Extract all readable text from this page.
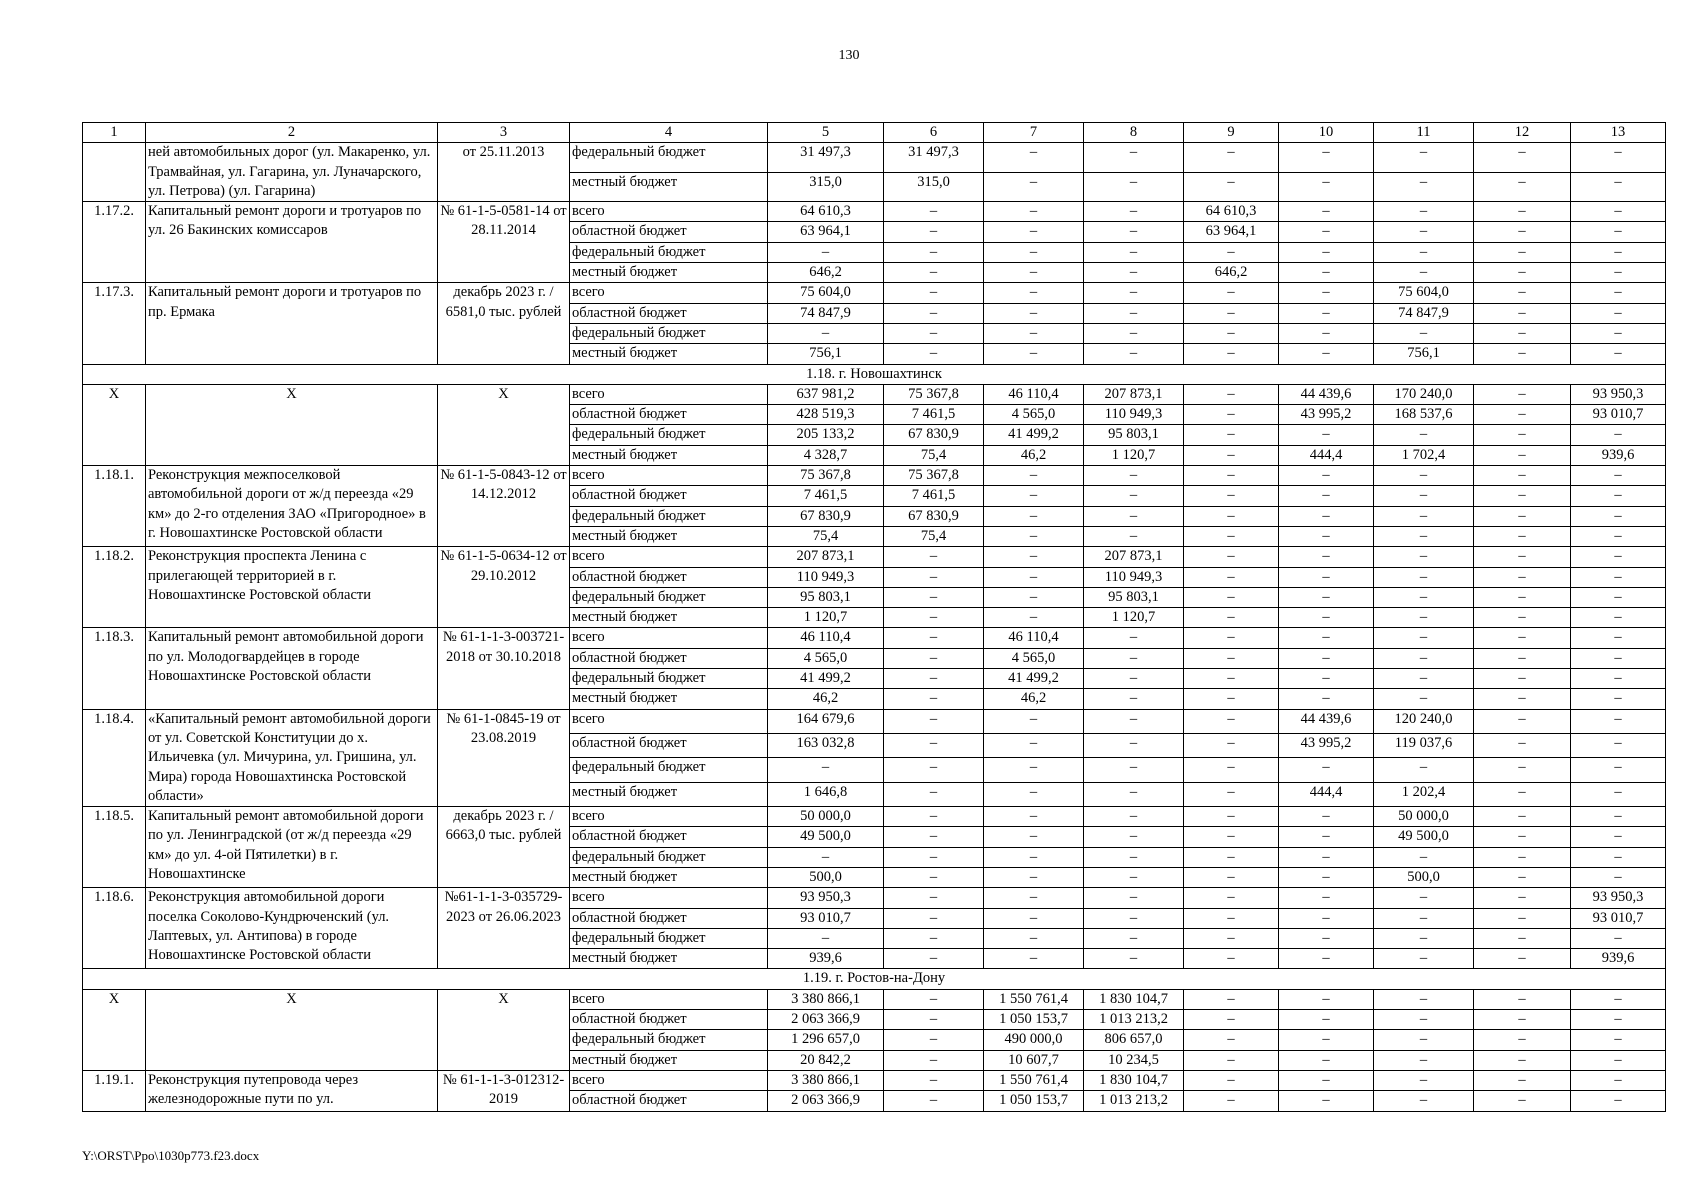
130
1	2	3	4	5	6	7	8	9	10	11	12	13
	ней автомобильных дорог (ул. Макаренко, ул. Трамвайная, ул. Гагарина, ул. Луначарского, ул. Петрова) (ул. Гагарина)	от 25.11.2013	федеральный бюджет	31 497,3	31 497,3	–	–	–	–	–	–	–
			местный бюджет	315,0	315,0	–	–	–	–	–	–	–
1.17.2.	Капитальный ремонт дороги и тротуаров по ул. 26 Бакинских комиссаров	№ 61-1-5-0581-14 от 28.11.2014	всего	64 610,3	–	–	–	64 610,3	–	–	–	–
			областной бюджет	63 964,1	–	–	–	63 964,1	–	–	–	–
			федеральный бюджет	–	–	–	–	–	–	–	–	–
			местный бюджет	646,2	–	–	–	646,2	–	–	–	–
1.17.3.	Капитальный ремонт дороги и тротуаров по пр. Ермака	декабрь 2023 г. / 6581,0 тыс. рублей	всего	75 604,0	–	–	–	–	–	75 604,0	–	–
			областной бюджет	74 847,9	–	–	–	–	–	74 847,9	–	–
			федеральный бюджет	–	–	–	–	–	–	–	–	–
			местный бюджет	756,1	–	–	–	–	–	756,1	–	–
1.18. г. Новошахтинск												
Х	Х	Х	всего	637 981,2	75 367,8	46 110,4	207 873,1	–	44 439,6	170 240,0	–	93 950,3
			областной бюджет	428 519,3	7 461,5	4 565,0	110 949,3	–	43 995,2	168 537,6	–	93 010,7
			федеральный бюджет	205 133,2	67 830,9	41 499,2	95 803,1	–	–	–	–	–
			местный бюджет	4 328,7	75,4	46,2	1 120,7	–	444,4	1 702,4	–	939,6
1.18.1.	Реконструкция межпоселковой автомобильной дороги от ж/д переезда «29 км» до 2-го отделения ЗАО «Пригородное» в г. Новошахтинске Ростовской области	№ 61-1-5-0843-12 от 14.12.2012	всего	75 367,8	75 367,8	–	–	–	–	–	–	–
			областной бюджет	7 461,5	7 461,5	–	–	–	–	–	–	–
			федеральный бюджет	67 830,9	67 830,9	–	–	–	–	–	–	–
			местный бюджет	75,4	75,4	–	–	–	–	–	–	–
1.18.2.	Реконструкция проспекта Ленина с прилегающей территорией в г. Новошахтинске Ростовской области	№ 61-1-5-0634-12 от 29.10.2012	всего	207 873,1	–	–	207 873,1	–	–	–	–	–
			областной бюджет	110 949,3	–	–	110 949,3	–	–	–	–	–
			федеральный бюджет	95 803,1	–	–	95 803,1	–	–	–	–	–
			местный бюджет	1 120,7	–	–	1 120,7	–	–	–	–	–
1.18.3.	Капитальный ремонт автомобильной дороги по ул. Молодогвардейцев в городе Новошахтинске Ростовской области	№ 61-1-1-3-003721-2018 от 30.10.2018	всего	46 110,4	–	46 110,4	–	–	–	–	–	–
			областной бюджет	4 565,0	–	4 565,0	–	–	–	–	–	–
			федеральный бюджет	41 499,2	–	41 499,2	–	–	–	–	–	–
			местный бюджет	46,2	–	46,2	–	–	–	–	–	–
1.18.4.	«Капитальный ремонт автомобильной дороги от ул. Советской Конституции до х. Ильичевка (ул. Мичурина, ул. Гришина, ул. Мира) города Новошахтинска Ростовской области»	№ 61-1-0845-19 от 23.08.2019	всего	164 679,6	–	–	–	–	44 439,6	120 240,0	–	–
			областной бюджет	163 032,8	–	–	–	–	43 995,2	119 037,6	–	–
			федеральный бюджет	–	–	–	–	–	–	–	–	–
			местный бюджет	1 646,8	–	–	–	–	444,4	1 202,4	–	–
1.18.5.	Капитальный ремонт автомобильной дороги по ул. Ленинградской (от ж/д переезда «29 км» до ул. 4-ой Пятилетки) в г. Новошахтинске	декабрь 2023 г. / 6663,0 тыс. рублей	всего	50 000,0	–	–	–	–	–	50 000,0	–	–
			областной бюджет	49 500,0	–	–	–	–	–	49 500,0	–	–
			федеральный бюджет	–	–	–	–	–	–	–	–	–
			местный бюджет	500,0	–	–	–	–	–	500,0	–	–
1.18.6.	Реконструкция автомобильной дороги поселка Соколово-Кундрюченский (ул. Лаптевых, ул. Антипова) в городе Новошахтинске Ростовской области	№61-1-1-3-035729-2023 от 26.06.2023	всего	93 950,3	–	–	–	–	–	–	–	93 950,3
			областной бюджет	93 010,7	–	–	–	–	–	–	–	93 010,7
			федеральный бюджет	–	–	–	–	–	–	–	–	–
			местный бюджет	939,6	–	–	–	–	–	–	–	939,6
1.19. г. Ростов-на-Дону												
Х	Х	Х	всего	3 380 866,1	–	1 550 761,4	1 830 104,7	–	–	–	–	–
			областной бюджет	2 063 366,9	–	1 050 153,7	1 013 213,2	–	–	–	–	–
			федеральный бюджет	1 296 657,0	–	490 000,0	806 657,0	–	–	–	–	–
			местный бюджет	20 842,2	–	10 607,7	10 234,5	–	–	–	–	–
1.19.1.	Реконструкция путепровода через железнодорожные пути по ул.	№ 61-1-1-3-012312-2019	всего	3 380 866,1	–	1 550 761,4	1 830 104,7	–	–	–	–	–
			областной бюджет	2 063 366,9	–	1 050 153,7	1 013 213,2	–	–	–	–	–
Y:\ORST\Ppo\1030p773.f23.docx
